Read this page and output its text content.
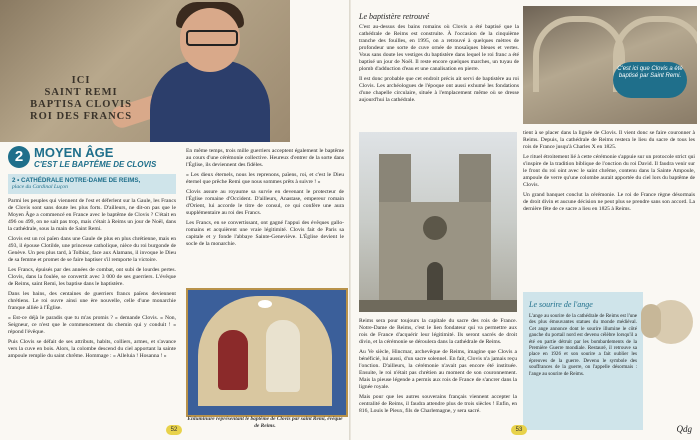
ICI
SAINT REMI
BAPTISA CLOVIS
ROI DES FRANCS
2 MOYEN ÂGE
C'EST LE BAPTÊME DE CLOVIS
2 • CATHÉDRALE NOTRE-DAME DE REIMS,
place du Cardinal Luçon

Parmi les peuples qui viennent de l'est et déferlent sur la Gaule, les Francs de Clovis sont sans doute les plus forts. D'ailleurs, ne dit-on pas que le Moyen Âge a commencé en France avec le baptême de Clovis ? C'était en 496 ou 499, on ne sait pas trop, mais c'était à Reims un jour de Noël, dans la cathédrale, sous la main de Saint Remi.

Clovis est un roi païen dans une Gaule de plus en plus chrétienne, mais en 493, il épouse Clotilde, une princesse catholique, nièce du roi burgonde de Genève. Un peu plus tard, à Tolbiac, face aux Alamans, il invoque le Dieu de sa femme et promet de se faire baptiser s'il remporte la victoire.

Les Francs, épuisés par des années de combat, ont subi de lourdes pertes. Clovis, dans la foulée, se convertit avec 3 000 de ses guerriers. L'évêque de Reims, saint Remi, les baptise dans le baptistère.

Dans les bains, des centaines de guerriers francs païens deviennent chrétiens. Le roi ouvre ainsi une ère nouvelle, celle d'une monarchie franque alliée à l'Église.

« Est-ce déjà le paradis que tu m'as promis ? » demande Clovis. « Non, Seigneur, ce n'est que le commencement du chemin qui y conduit ! » répond l'évêque.

Puis Clovis se défait de ses attributs, habits, colliers, armes, et s'avance vers la cuve en bois. Alors, la colombe descend du ciel apportant la sainte ampoule remplie du saint chrême. Hommage : « Alleluia ! Hosanna ! »

En même temps, trois mille guerriers acceptent également le baptême au cours d'une cérémonie collective. Heureux d'entrer de la sorte dans l'Église, ils deviennent des fidèles.

« Les dieux éternels, nous les reprenons, païens, roi, et c'est le Dieu éternel que prêche Remi que nous sommes prêts à suivre ! »

Clovis assure au royaume sa survie en devenant le protecteur de l'Église romaine d'Occident. D'ailleurs, Anastase, empereur romain d'Orient, lui accorde le titre de consul, ce qui confère une aura supplémentaire au roi des Francs.

Les Francs, en se convertissant, ont gagné l'appui des évêques gallo-romains et acquièrent une vraie légitimité. Clovis fait de Paris sa capitale et y fonde l'abbaye Sainte-Geneviève. L'Église devient le socle de la monarchie.

Enluminure représentant le baptême de Clovis par saint Remi, évêque de Reims.
52
Le baptistère retrouvé

C'est au-dessus des bains romains où Clovis a été baptisé que la cathédrale de Reims est construite. À l'occasion de la cinquième tranche des fouilles, en 1995, on a retrouvé à quelques mètres de profondeur une sorte de cuve ornée de mosaïques bleues et vertes. Vous sans doute les vestiges du baptistère dans lequel le roi franc a été baptisé un jour de Noël. Il reste encore quelques marches, un tuyau de plomb d'adduction d'eau et une canalisation en pierre.

Il est donc probable que cet endroit précis ait servi de baptistère au roi Clovis. Les archéologues de l'époque ont aussi exhumé les fondations d'une chapelle circulaire, située à l'emplacement même où se dresse aujourd'hui la cathédrale.

C'est ici que Clovis a été baptisé par Saint Remi.

Reims sera pour toujours la capitale du sacre des rois de France. Notre-Dame de Reims, c'est le lien fondateur qui va permettre aux rois de France d'acquérir leur légitimité. Ils seront sacrés de droit divin, et la cérémonie se déroulera dans la cathédrale de Reims.

Au Ve siècle, Hincmar, archevêque de Reims, imagine que Clovis a bénéficié, lui aussi, d'un sacre solennel. En fait, Clovis n'a jamais reçu l'onction. D'ailleurs, la cérémonie n'avait pas encore été instituée. Ensuite, le roi n'était pas chrétien au moment de son couronnement. Mais la pieuse légende a permis aux rois de France de s'ancrer dans la lignée royale.

Mais pour que les autres souverains français viennent accepter la centralité de Reims, il faudra attendre plus de trois siècles ! Enfin, en 816, Louis le Pieux, fils de Charlemagne, y sera sacré.

tient à se placer dans la lignée de Clovis. Il vient donc se faire couronner à Reims. Depuis, la cathédrale de Reims restera le lieu du sacre de tous les rois de France jusqu'à Charles X en 1825.

Le rituel étroitement lié à cette cérémonie s'appuie sur un protocole strict qui s'inspire de la tradition biblique de l'onction du roi David. Il faudra venir sur le front du roi oint avec le saint chrême, contenu dans la Sainte Ampoule, ampoule de verre qu'une colombe aurait apportée du ciel lors du baptême de Clovis.

Un grand banquet conclut la cérémonie. Le roi de France règne désormais de droit divin et aucune décision ne peut plus se prendre sans son accord. La dernière fête de ce sacre a lieu en 1825 à Reims.

Le sourire de l'ange
L'ange au sourire de la cathédrale de Reims est l'une des plus émouvantes statues du monde médiéval. Cet ange annonce dont le sourire illumine le côté gauche du portail nord est devenu célèbre lorsqu'il a été en partie détruit par les bombardements de la Première Guerre mondiale. Restauré, il retrouve sa place en 1926 et son sourire a fait oublier les épreuves de la guerre. Devenu le symbole des souffrances de la guerre, on l'appelle désormais : l'ange au sourire de Reims.
53	Qdg
